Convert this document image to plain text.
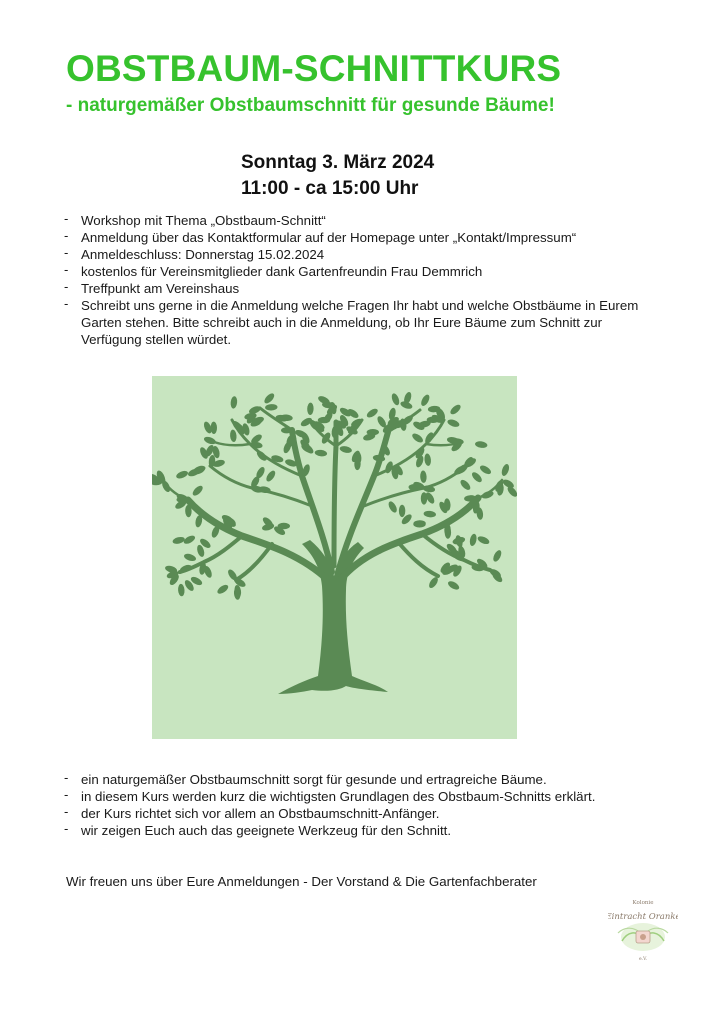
OBSTBAUM-SCHNITTKURS
- naturgemäßer Obstbaumschnitt für gesunde Bäume!
Sonntag 3. März 2024
11:00 - ca 15:00 Uhr
- Workshop mit Thema „Obstbaum-Schnitt“
- Anmeldung über das Kontaktformular auf der Homepage unter „Kontakt/Impressum“
- Anmeldeschluss: Donnerstag 15.02.2024
- kostenlos für Vereinsmitglieder dank Gartenfreundin Frau Demmrich
- Treffpunkt am Vereinshaus
- Schreibt uns gerne in die Anmeldung welche Fragen Ihr habt und welche Obstbäume in Eurem Garten stehen. Bitte schreibt auch in die Anmeldung, ob Ihr Eure Bäume zum Schnitt zur Verfügung stellen würdet.
- ein naturgemäßer Obstbaumschnitt sorgt für gesunde und ertragreiche Bäume.
- in diesem Kurs werden kurz die wichtigsten Grundlagen des Obstbaum-Schnitts erklärt.
- der Kurs richtet sich vor allem an Obstbaumschnitt-Anfänger.
- wir zeigen Euch auch das geeignete Werkzeug für den Schnitt.
Wir freuen uns über Eure Anmeldungen - Der Vorstand & Die Gartenfachberater
Kolonie
Eintracht Oranke
e.V.
